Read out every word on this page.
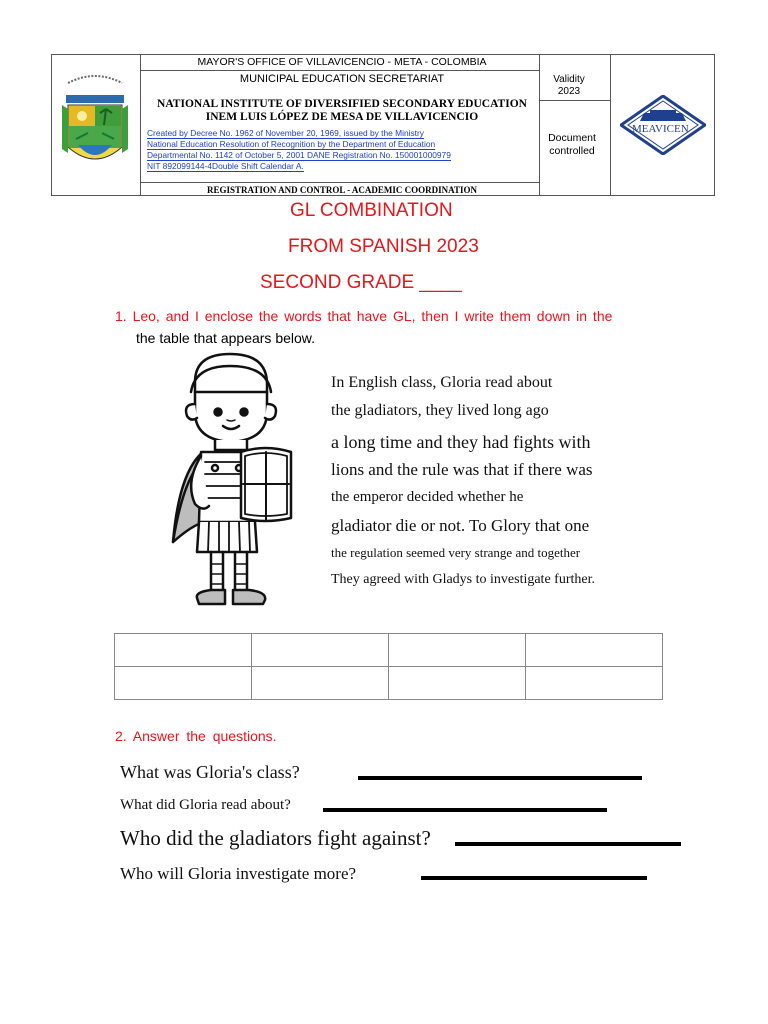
MAYOR'S OFFICE OF VILLAVICENCIO - META - COLOMBIA
MUNICIPAL EDUCATION SECRETARIAT
NATIONAL INSTITUTE OF DIVERSIFIED SECONDARY EDUCATION
INEM LUIS LÓPEZ DE MESA DE VILLAVICENCIO
Created by Decree No. 1962 of November 20, 1969, issued by the Ministry
National Education Resolution of Recognition by the Department of Education
Departmental No. 1142 of October 5, 2001 DANE Registration No. 150001000979
NIT 892099144-4Double Shift Calendar A.
REGISTRATION AND CONTROL - ACADEMIC COORDINATION
Validity
2023
Document
controlled
MEAVICEN
GL COMBINATION
FROM SPANISH 2023
SECOND GRADE ____
1. Leo, and I enclose the words that have GL, then I write them down in the
the table that appears below.
In English class, Gloria read about
the gladiators, they lived long ago
a long time and they had fights with
lions and the rule was that if there was
the emperor decided whether he
gladiator die or not. To Glory that one
the regulation seemed very strange and together
They agreed with Gladys to investigate further.

2. Answer the questions.
What was Gloria's class?
What did Gloria read about?
Who did the gladiators fight against?
Who will Gloria investigate more?
